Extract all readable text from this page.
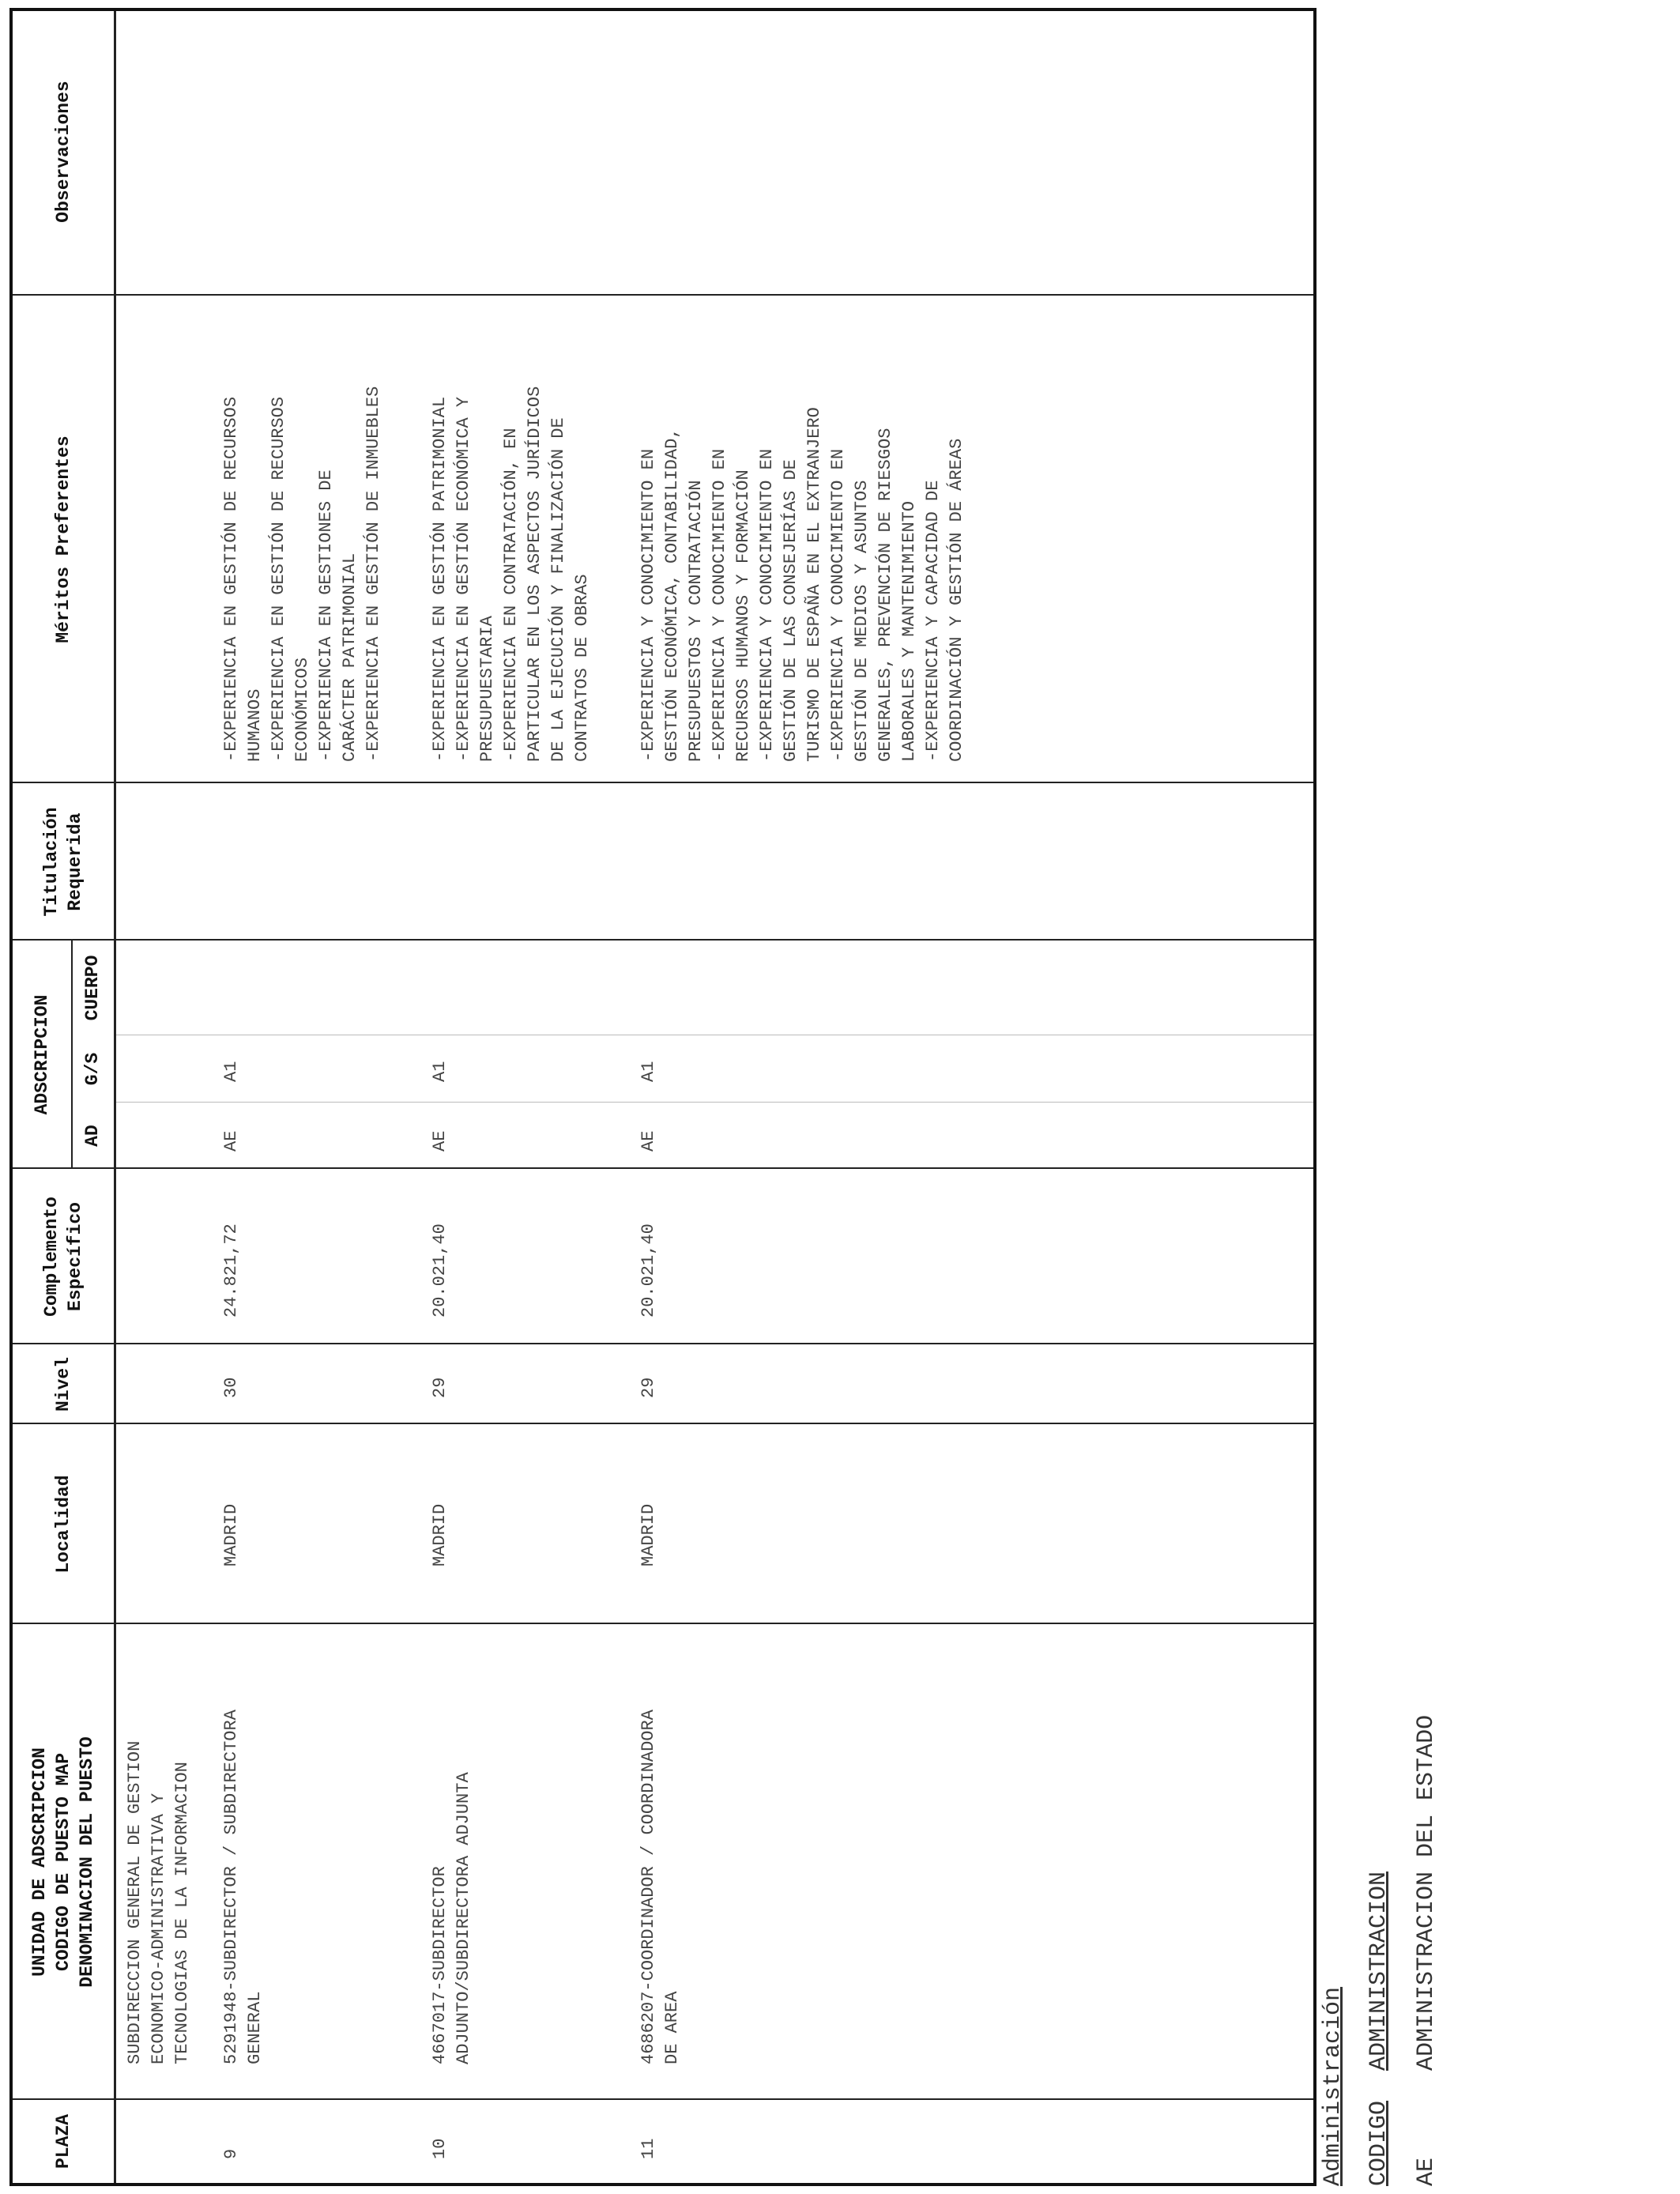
PLAZA
UNIDAD DE ADSCRIPCION CODIGO DE PUESTO MAP DENOMINACION DEL PUESTO
Localidad
Nivel
Complemento Específico
ADSCRIPCION
AD
G/S
CUERPO
Titulación Requerida
Méritos Preferentes
Observaciones
SUBDIRECCION GENERAL DE GESTION
ECONOMICO-ADMINISTRATIVA Y
TECNOLOGIAS DE LA INFORMACION
9
5291948-SUBDIRECTOR / SUBDIRECTORA
GENERAL
MADRID
30
24.821,72
AE
A1
-EXPERIENCIA EN GESTIÓN DE RECURSOS
HUMANOS
-EXPERIENCIA EN GESTIÓN DE RECURSOS
ECONÓMICOS
-EXPERIENCIA EN GESTIONES DE
CARÁCTER PATRIMONIAL
-EXPERIENCIA EN GESTIÓN DE INMUEBLES
10
4667017-SUBDIRECTOR
ADJUNTO/SUBDIRECTORA ADJUNTA
MADRID
29
20.021,40
AE
A1
-EXPERIENCIA EN GESTIÓN PATRIMONIAL
-EXPERIENCIA EN GESTIÓN ECONÓMICA Y
PRESUPUESTARIA
-EXPERIENCIA EN CONTRATACIÓN, EN
PARTICULAR EN LOS ASPECTOS JURÍDICOS
DE LA EJECUCIÓN Y FINALIZACIÓN DE
CONTRATOS DE OBRAS
11
4686207-COORDINADOR / COORDINADORA
DE AREA
MADRID
29
20.021,40
AE
A1
-EXPERIENCIA Y CONOCIMIENTO EN
GESTIÓN ECONÓMICA, CONTABILIDAD,
PRESUPUESTOS Y CONTRATACIÓN
-EXPERIENCIA Y CONOCIMIENTO EN
RECURSOS HUMANOS Y FORMACIÓN
-EXPERIENCIA Y CONOCIMIENTO EN
GESTIÓN DE LAS CONSEJERÍAS DE
TURISMO DE ESPAÑA EN EL EXTRANJERO
-EXPERIENCIA Y CONOCIMIENTO EN
GESTIÓN DE MEDIOS Y ASUNTOS
GENERALES, PREVENCIÓN DE RIESGOS
LABORALES Y MANTENIMIENTO
-EXPERIENCIA Y CAPACIDAD DE
COORDINACIÓN Y GESTIÓN DE ÁREAS
Administración CODIGO
ADMINISTRACION
AE
ADMINISTRACION DEL ESTADO
